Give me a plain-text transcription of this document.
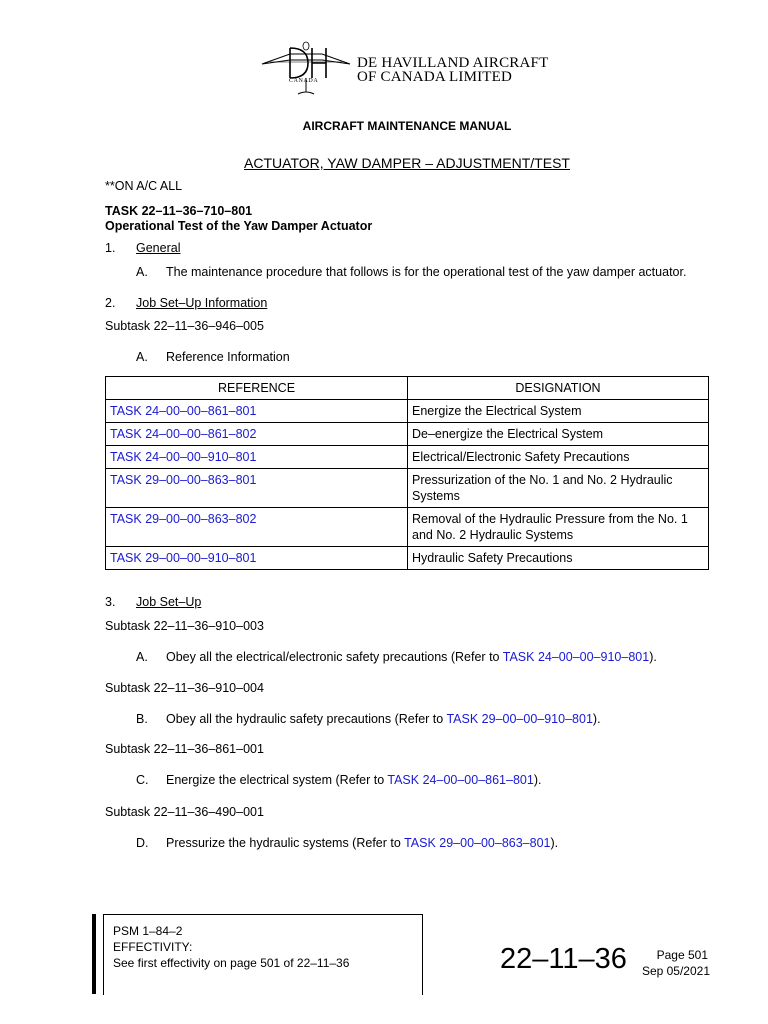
CANADA
DE HAVILLAND AIRCRAFT
OF CANADA LIMITED
AIRCRAFT MAINTENANCE MANUAL
ACTUATOR, YAW DAMPER – ADJUSTMENT/TEST
**ON A/C ALL
TASK 22–11–36–710–801
Operational Test of the Yaw Damper Actuator
1. General
A. The maintenance procedure that follows is for the operational test of the yaw damper actuator.
2. Job Set–Up Information
Subtask 22–11–36–946–005
A. Reference Information
REFERENCE	DESIGNATION
TASK 24–00–00–861–801	Energize the Electrical System
TASK 24–00–00–861–802	De–energize the Electrical System
TASK 24–00–00–910–801	Electrical/Electronic Safety Precautions
TASK 29–00–00–863–801	Pressurization of the No. 1 and No. 2 Hydraulic Systems
TASK 29–00–00–863–802	Removal of the Hydraulic Pressure from the No. 1 and No. 2 Hydraulic Systems
TASK 29–00–00–910–801	Hydraulic Safety Precautions
3. Job Set–Up
Subtask 22–11–36–910–003
A. Obey all the electrical/electronic safety precautions (Refer to TASK 24–00–00–910–801).
Subtask 22–11–36–910–004
B. Obey all the hydraulic safety precautions (Refer to TASK 29–00–00–910–801).
Subtask 22–11–36–861–001
C. Energize the electrical system (Refer to TASK 24–00–00–861–801).
Subtask 22–11–36–490–001
D. Pressurize the hydraulic systems (Refer to TASK 29–00–00–863–801).
PSM 1–84–2
EFFECTIVITY:
See first effectivity on page 501 of 22–11–36	22–11–36	Page 501
Sep 05/2021
